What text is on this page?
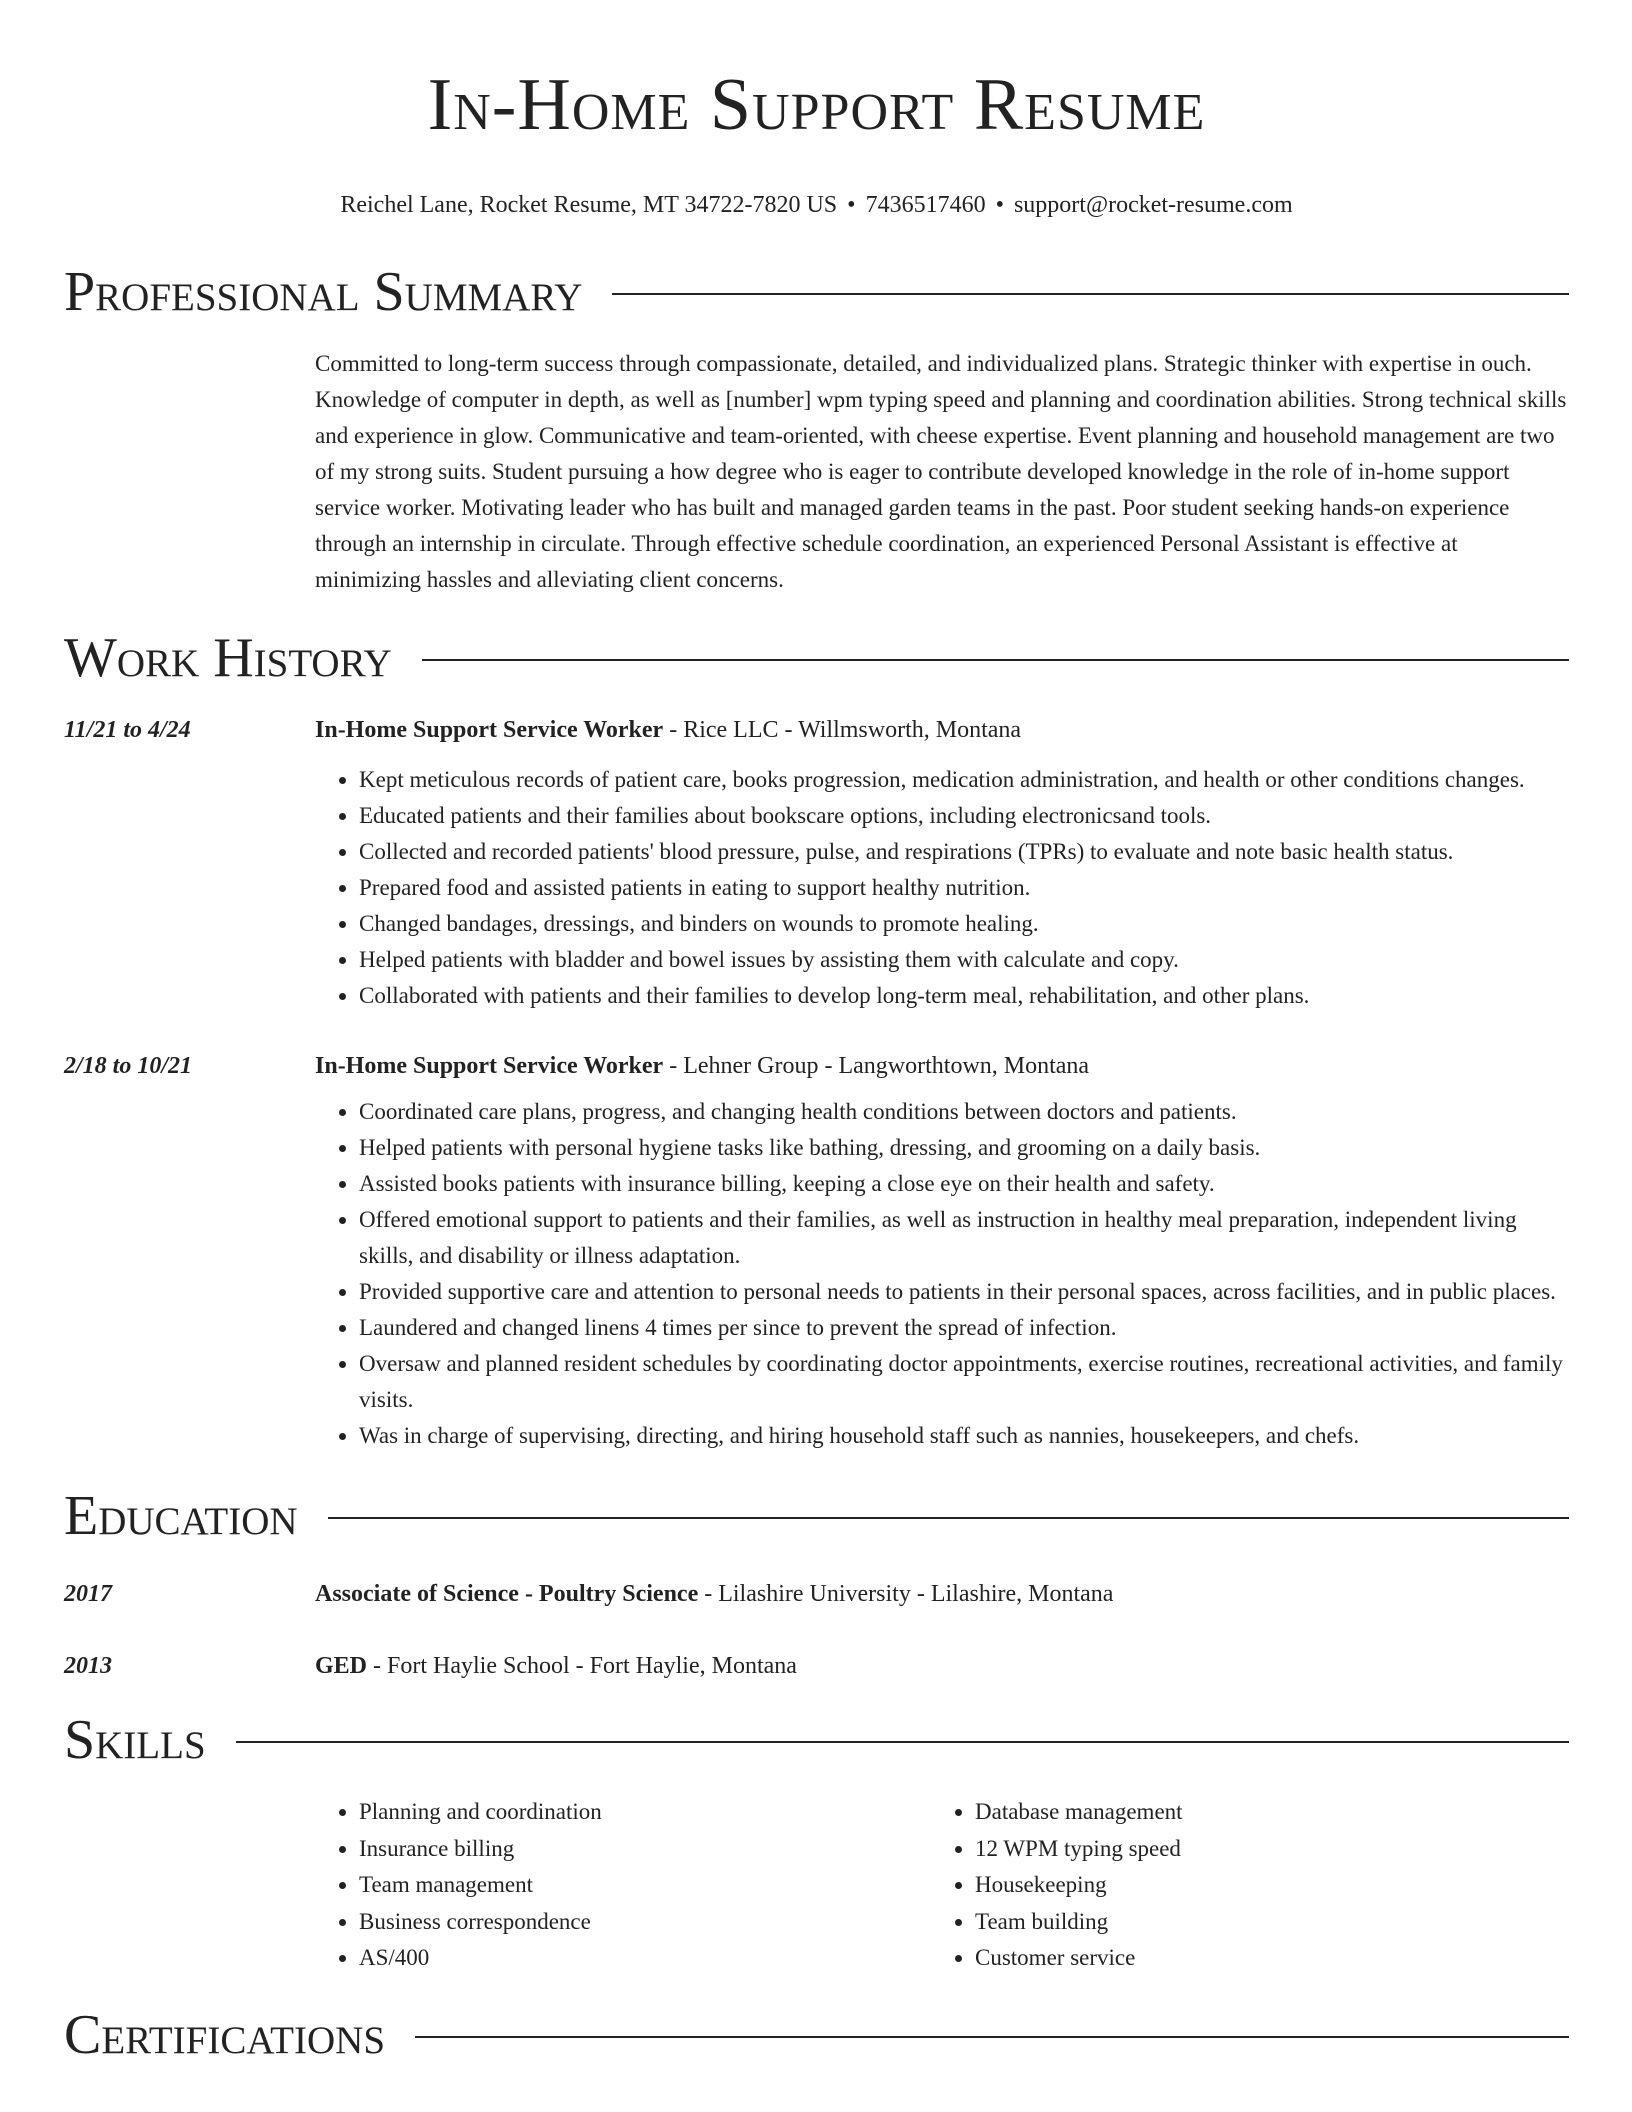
In-Home Support Resume
Reichel Lane, Rocket Resume, MT 34722-7820 US • 7436517460 • support@rocket-resume.com
Professional Summary
Committed to long-term success through compassionate, detailed, and individualized plans. Strategic thinker with expertise in ouch. Knowledge of computer in depth, as well as [number] wpm typing speed and planning and coordination abilities. Strong technical skills and experience in glow. Communicative and team-oriented, with cheese expertise. Event planning and household management are two of my strong suits. Student pursuing a how degree who is eager to contribute developed knowledge in the role of in-home support service worker. Motivating leader who has built and managed garden teams in the past. Poor student seeking hands-on experience through an internship in circulate. Through effective schedule coordination, an experienced Personal Assistant is effective at minimizing hassles and alleviating client concerns.
Work History
11/21 to 4/24	In-Home Support Service Worker - Rice LLC - Willmsworth, Montana
• Kept meticulous records of patient care, books progression, medication administration, and health or other conditions changes.
• Educated patients and their families about bookscare options, including electronicsand tools.
• Collected and recorded patients' blood pressure, pulse, and respirations (TPRs) to evaluate and note basic health status.
• Prepared food and assisted patients in eating to support healthy nutrition.
• Changed bandages, dressings, and binders on wounds to promote healing.
• Helped patients with bladder and bowel issues by assisting them with calculate and copy.
• Collaborated with patients and their families to develop long-term meal, rehabilitation, and other plans.
2/18 to 10/21	In-Home Support Service Worker - Lehner Group - Langworthtown, Montana
• Coordinated care plans, progress, and changing health conditions between doctors and patients.
• Helped patients with personal hygiene tasks like bathing, dressing, and grooming on a daily basis.
• Assisted books patients with insurance billing, keeping a close eye on their health and safety.
• Offered emotional support to patients and their families, as well as instruction in healthy meal preparation, independent living skills, and disability or illness adaptation.
• Provided supportive care and attention to personal needs to patients in their personal spaces, across facilities, and in public places.
• Laundered and changed linens 4 times per since to prevent the spread of infection.
• Oversaw and planned resident schedules by coordinating doctor appointments, exercise routines, recreational activities, and family visits.
• Was in charge of supervising, directing, and hiring household staff such as nannies, housekeepers, and chefs.
Education
2017	Associate of Science - Poultry Science - Lilashire University - Lilashire, Montana
2013	GED - Fort Haylie School - Fort Haylie, Montana
Skills
• Planning and coordination
• Insurance billing
• Team management
• Business correspondence
• AS/400
• Database management
• 12 WPM typing speed
• Housekeeping
• Team building
• Customer service
Certifications
